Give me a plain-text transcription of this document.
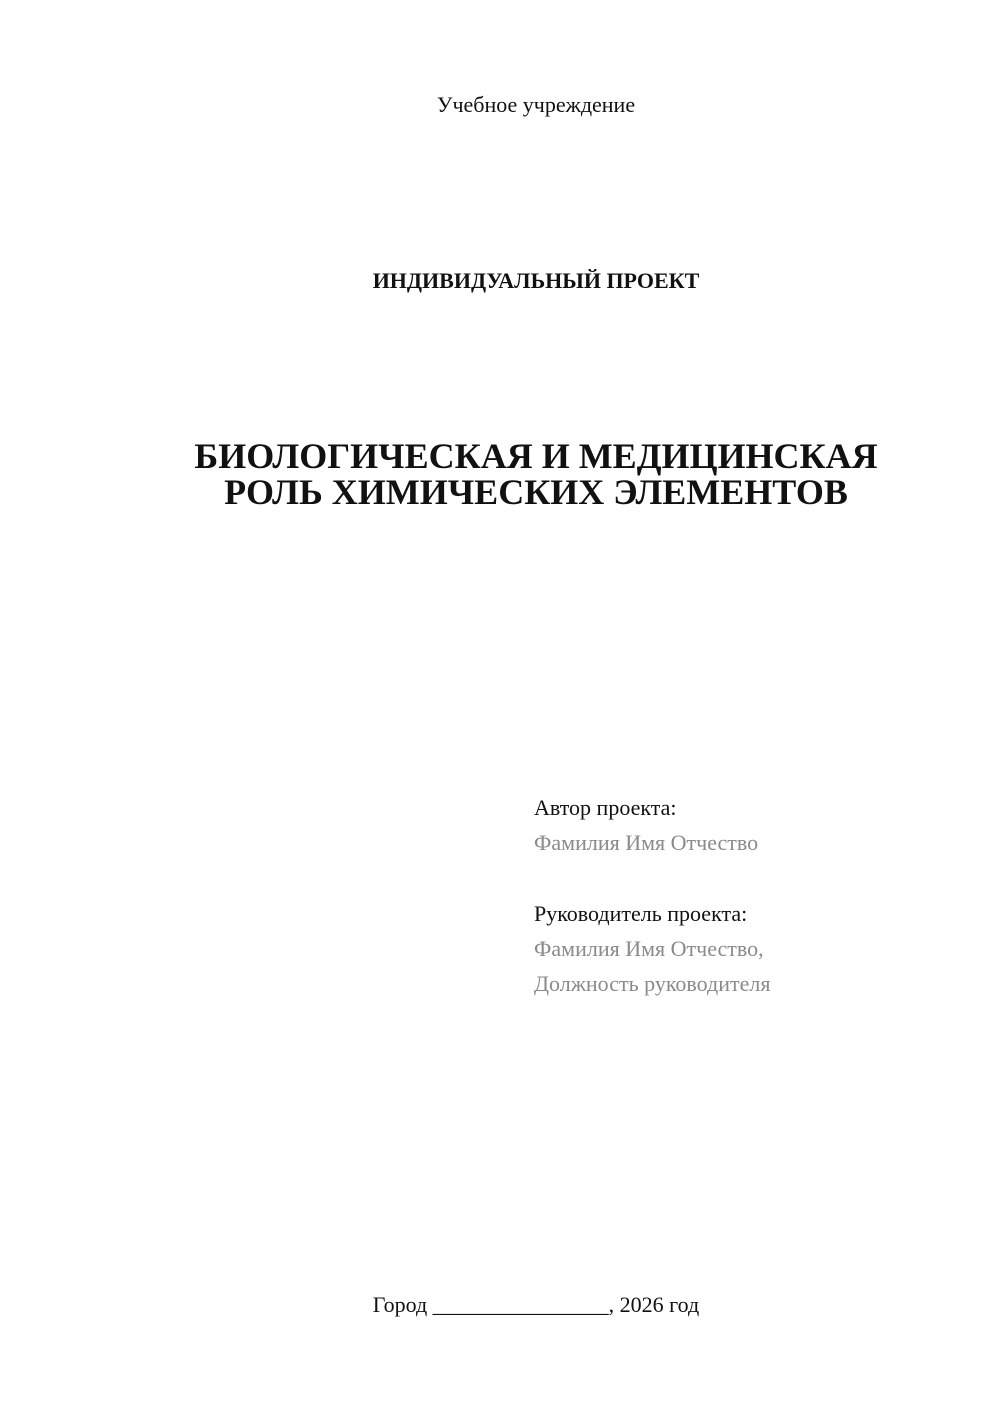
Учебное учреждение
ИНДИВИДУАЛЬНЫЙ ПРОЕКТ
БИОЛОГИЧЕСКАЯ И МЕДИЦИНСКАЯ
РОЛЬ ХИМИЧЕСКИХ ЭЛЕМЕНТОВ
Автор проекта:
Фамилия Имя Отчество
Руководитель проекта:
Фамилия Имя Отчество,
Должность руководителя
Город ________________, 2026 год
